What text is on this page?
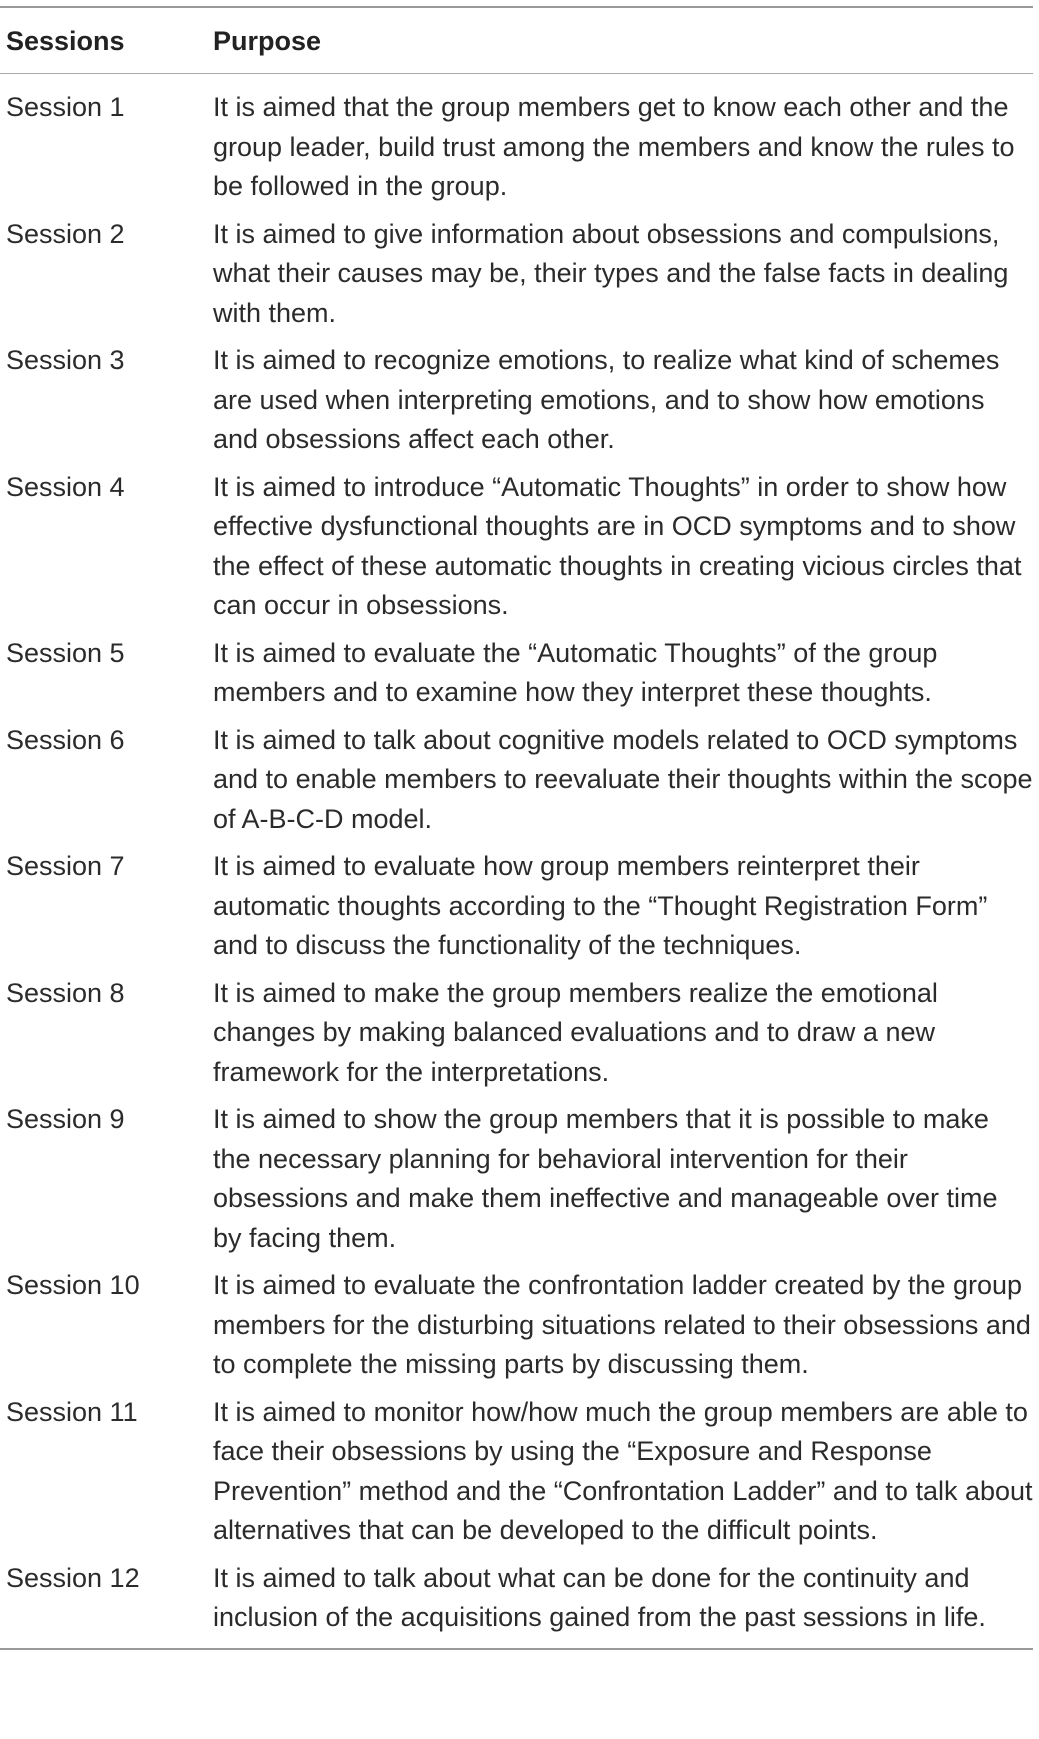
Sessions	Purpose
Session 1	It is aimed that the group members get to know each other and the group leader, build trust among the members and know the rules to be followed in the group.
Session 2	It is aimed to give information about obsessions and compulsions, what their causes may be, their types and the false facts in dealing with them.
Session 3	It is aimed to recognize emotions, to realize what kind of schemes are used when interpreting emotions, and to show how emotions and obsessions affect each other.
Session 4	It is aimed to introduce “Automatic Thoughts” in order to show how effective dysfunctional thoughts are in OCD symptoms and to show the effect of these automatic thoughts in creating vicious circles that can occur in obsessions.
Session 5	It is aimed to evaluate the “Automatic Thoughts” of the group members and to examine how they interpret these thoughts.
Session 6	It is aimed to talk about cognitive models related to OCD symptoms and to enable members to reevaluate their thoughts within the scope of A-B-C-D model.
Session 7	It is aimed to evaluate how group members reinterpret their automatic thoughts according to the “Thought Registration Form” and to discuss the functionality of the techniques.
Session 8	It is aimed to make the group members realize the emotional changes by making balanced evaluations and to draw a new framework for the interpretations.
Session 9	It is aimed to show the group members that it is possible to make the necessary planning for behavioral intervention for their obsessions and make them ineffective and manageable over time by facing them.
Session 10	It is aimed to evaluate the confrontation ladder created by the group members for the disturbing situations related to their obsessions and to complete the missing parts by discussing them.
Session 11	It is aimed to monitor how/how much the group members are able to face their obsessions by using the “Exposure and Response Prevention” method and the “Confrontation Ladder” and to talk about alternatives that can be developed to the difficult points.
Session 12	It is aimed to talk about what can be done for the continuity and inclusion of the acquisitions gained from the past sessions in life.
